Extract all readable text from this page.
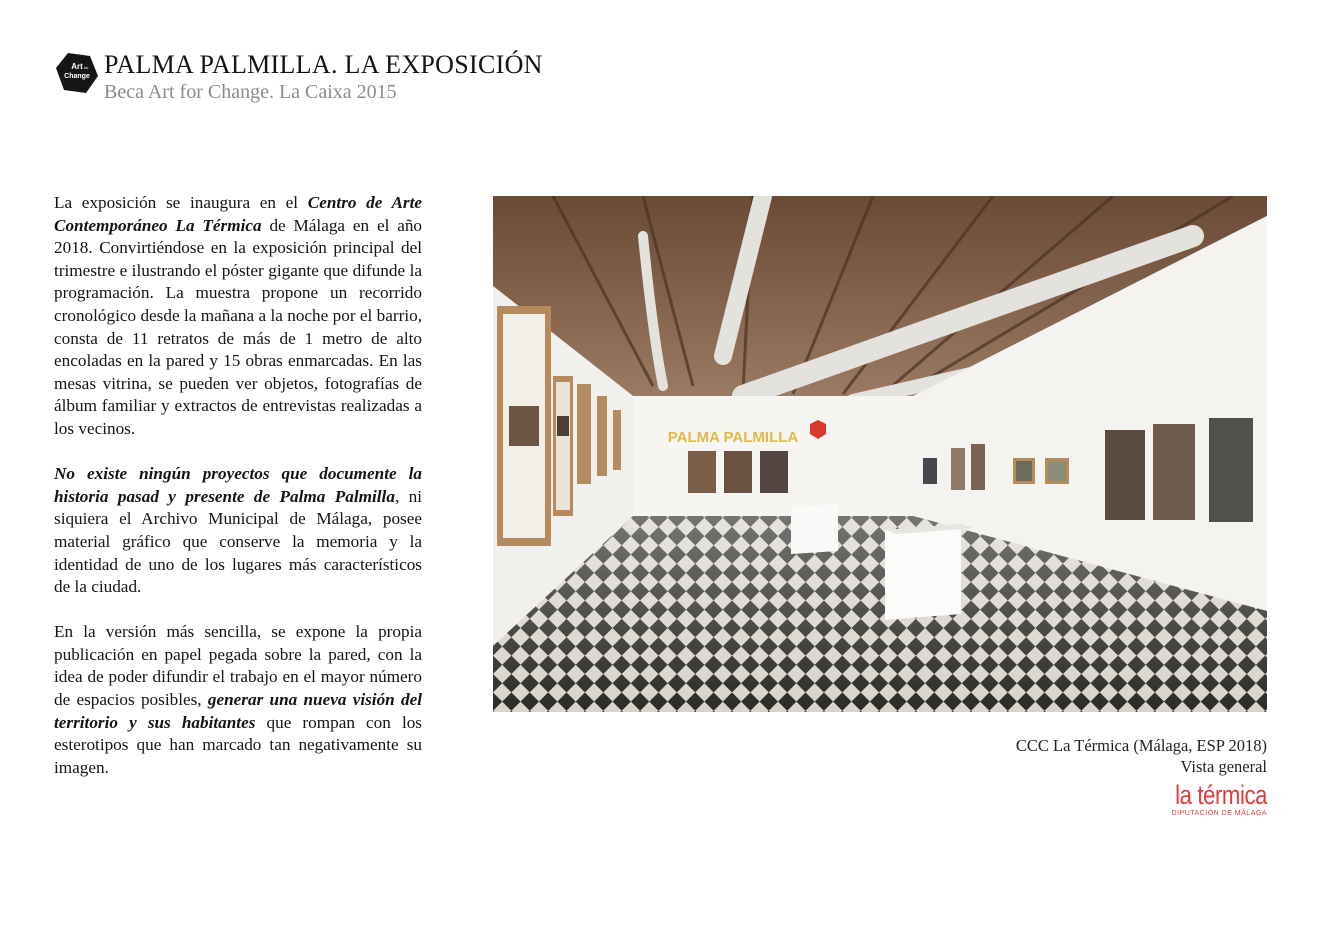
Art for
Change PALMA PALMILLA. LA EXPOSICIÓN
Beca Art for Change. La Caixa 2015

La exposición se inaugura en el Centro de Arte Contemporáneo La Térmica de Málaga en el año 2018. Convirtiéndose en la exposición principal del trimestre e ilustrando el póster gigante que difunde la programación. La muestra propone un recorrido cronológico desde la mañana a la noche por el barrio, consta de 11 retratos de más de 1 metro de alto encoladas en la pared y 15 obras enmarcadas. En las mesas vitrina, se pueden ver objetos, fotografías de álbum familiar y extractos de entrevistas realizadas a los vecinos.

No existe ningún proyectos que documente la historia pasad y presente de Palma Palmilla, ni siquiera el Archivo Municipal de Málaga, posee material gráfico que conserve la memoria y la identidad de uno de los lugares más característicos de la ciudad.

En la versión más sencilla, se expone la propia publicación en papel pegada sobre la pared, con la idea de poder difundir el trabajo en el mayor número de espacios posibles, generar una nueva visión del territorio y sus habitantes que rompan con los esterotipos que han marcado tan negativamente su imagen.

PALMA PALMILLA
CCC La Térmica (Málaga, ESP 2018)
Vista general
la térmica
DIPUTACIÓN DE MÁLAGA
